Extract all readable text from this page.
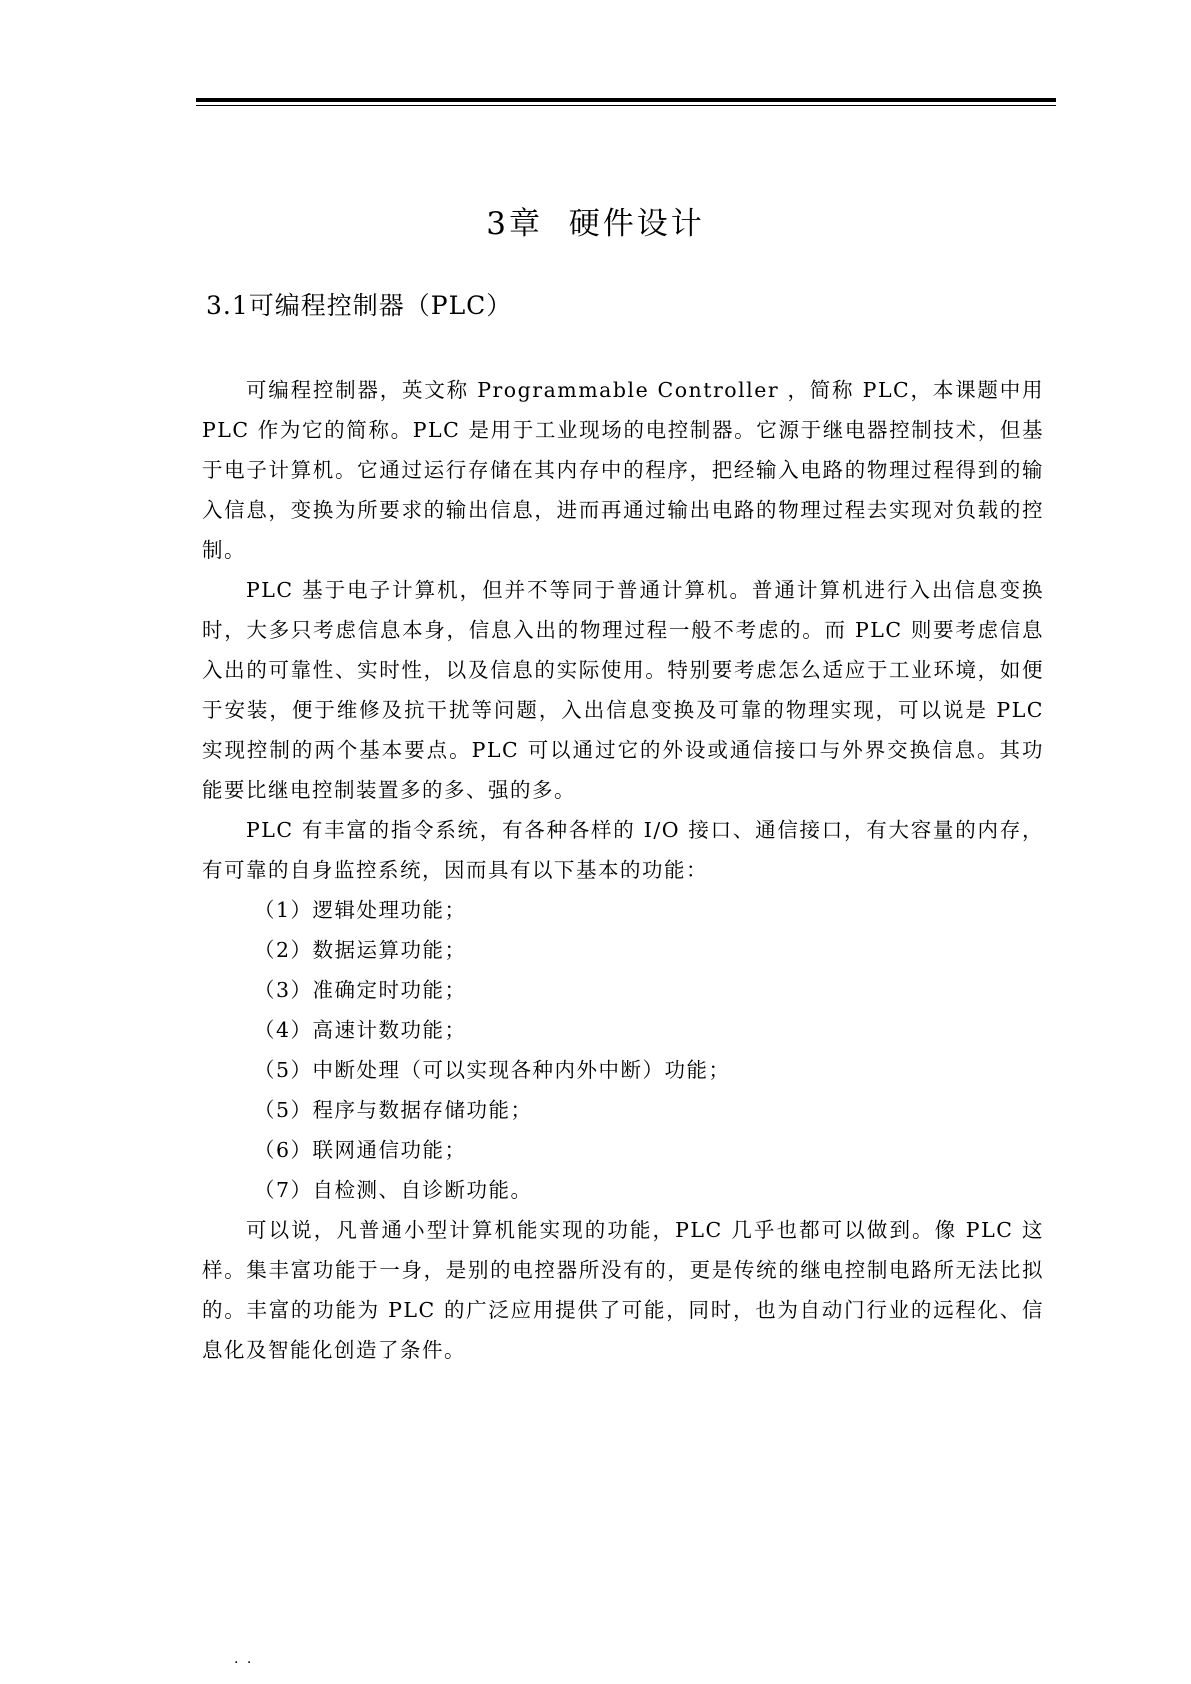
3章  硬件设计
3.1可编程控制器（PLC）

可编程控制器，英文称 Programmable Controller ，简称 PLC，本课题中用 PLC 作为它的简称。PLC 是用于工业现场的电控制器。它源于继电器控制技术，但基于电子计算机。它通过运行存储在其内存中的程序，把经输入电路的物理过程得到的输入信息，变换为所要求的输出信息，进而再通过输出电路的物理过程去实现对负载的控制。

PLC 基于电子计算机，但并不等同于普通计算机。普通计算机进行入出信息变换时，大多只考虑信息本身，信息入出的物理过程一般不考虑的。而 PLC 则要考虑信息入出的可靠性、实时性，以及信息的实际使用。特别要考虑怎么适应于工业环境，如便于安装，便于维修及抗干扰等问题，入出信息变换及可靠的物理实现，可以说是 PLC 实现控制的两个基本要点。PLC 可以通过它的外设或通信接口与外界交换信息。其功能要比继电控制装置多的多、强的多。

PLC 有丰富的指令系统，有各种各样的 I/O 接口、通信接口，有大容量的内存，有可靠的自身监控系统，因而具有以下基本的功能：

（1）逻辑处理功能；

（2）数据运算功能；

（3）准确定时功能；

（4）高速计数功能；

（5）中断处理（可以实现各种内外中断）功能；

（5）程序与数据存储功能；

（6）联网通信功能；

（7）自检测、自诊断功能。

可以说，凡普通小型计算机能实现的功能，PLC 几乎也都可以做到。像 PLC 这样。集丰富功能于一身，是别的电控器所没有的，更是传统的继电控制电路所无法比拟的。丰富的功能为 PLC 的广泛应用提供了可能，同时，也为自动门行业的远程化、信息化及智能化创造了条件。

. .
